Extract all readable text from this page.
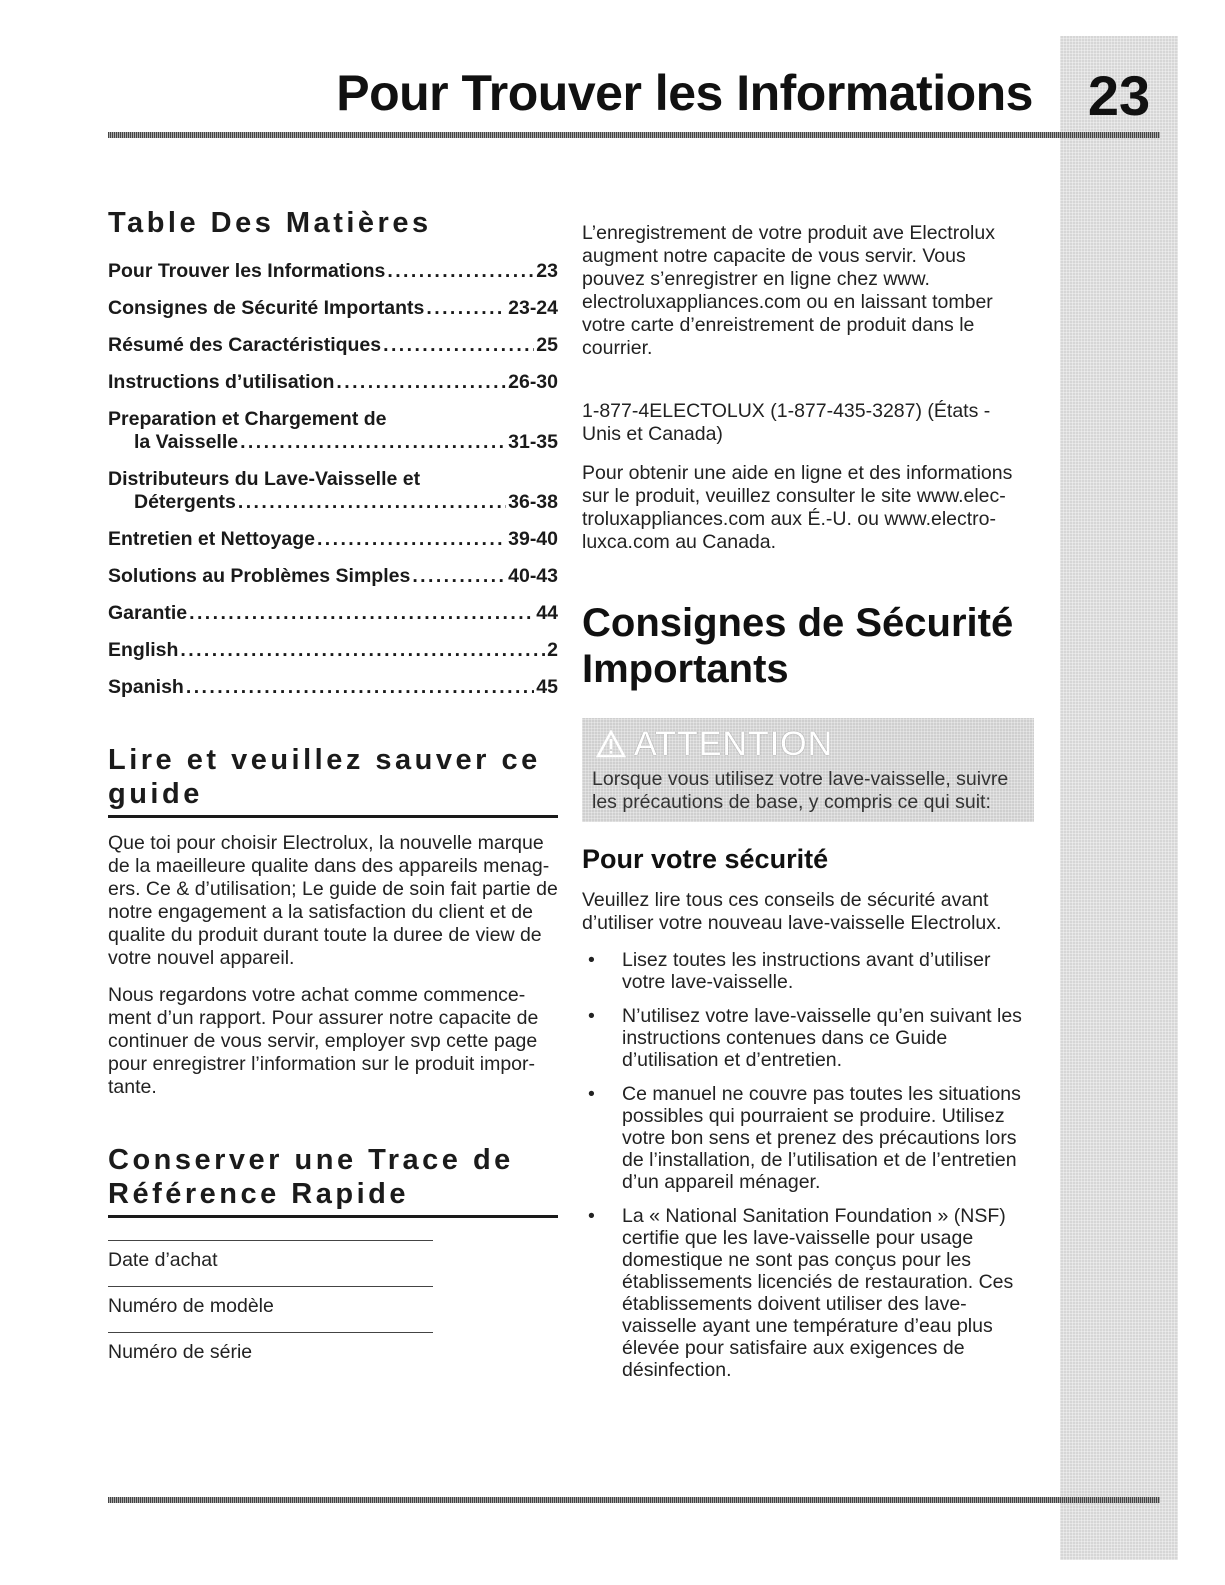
23
Pour Trouver les Informations
Table Des Matières
Pour Trouver les Informations . . .	23
Consignes de Sécurité Importants . . .	23-24
Résumé des Caractéristiques . . .	25
Instructions d’utilisation . . .	26-30
Preparation et Chargement de
la Vaisselle . . .	31-35
Distributeurs du Lave-Vaisselle et
Détergents . . .	36-38
Entretien et Nettoyage . . .	39-40
Solutions au Problèmes Simples . . .	40-43
Garantie . . .	44
English . . .	2
Spanish . . .	45
Lire et veuillez sauver ce guide

Que toi pour choisir Electrolux, la nouvelle marque de la maeilleure qualite dans des appareils menag-ers. Ce & d’utilisation; Le guide de soin fait partie de notre engagement a la satisfaction du client et de qualite du produit durant toute la duree de view de votre nouvel appareil.

Nous regardons votre achat comme commence-ment d’un rapport. Pour assurer notre capacite de continuer de vous servir, employer svp cette page pour enregistrer l’information sur le produit impor-tante.

Conserver une Trace de Référence Rapide
Date d’achat
Numéro de modèle
Numéro de série

L’enregistrement de votre produit ave Electrolux augment notre capacite de vous servir. Vous pouvez s’enregistrer en ligne chez www. electroluxappliances.com ou en laissant tomber votre carte d’enreistrement de produit dans le courrier.

1-877-4ELECTOLUX (1-877-435-3287) (États - Unis et Canada)

Pour obtenir une aide en ligne et des informations sur le produit, veuillez consulter le site www.elec-troluxappliances.com aux É.-U. ou www.electro-luxca.com au Canada.

Consignes de Sécurité Importants
ATTENTION
Lorsque vous utilisez votre lave-vaisselle, suivre les précautions de base, y compris ce qui suit:
Pour votre sécurité

Veuillez lire tous ces conseils de sécurité avant d’utiliser votre nouveau lave-vaisselle Electrolux.

• Lisez toutes les instructions avant d’utiliser votre lave-vaisselle.
• N’utilisez votre lave-vaisselle qu’en suivant les instructions contenues dans ce Guide d’utilisation et d’entretien.
• Ce manuel ne couvre pas toutes les situations possibles qui pourraient se produire. Utilisez votre bon sens et prenez des précautions lors de l’installation, de l’utilisation et de l’entretien d’un appareil ménager.
• La « National Sanitation Foundation » (NSF) certifie que les lave-vaisselle pour usage domestique ne sont pas conçus pour les établissements licenciés de restauration. Ces établissements doivent utiliser des lave-vaisselle ayant une température d’eau plus élevée pour satisfaire aux exigences de désinfection.
